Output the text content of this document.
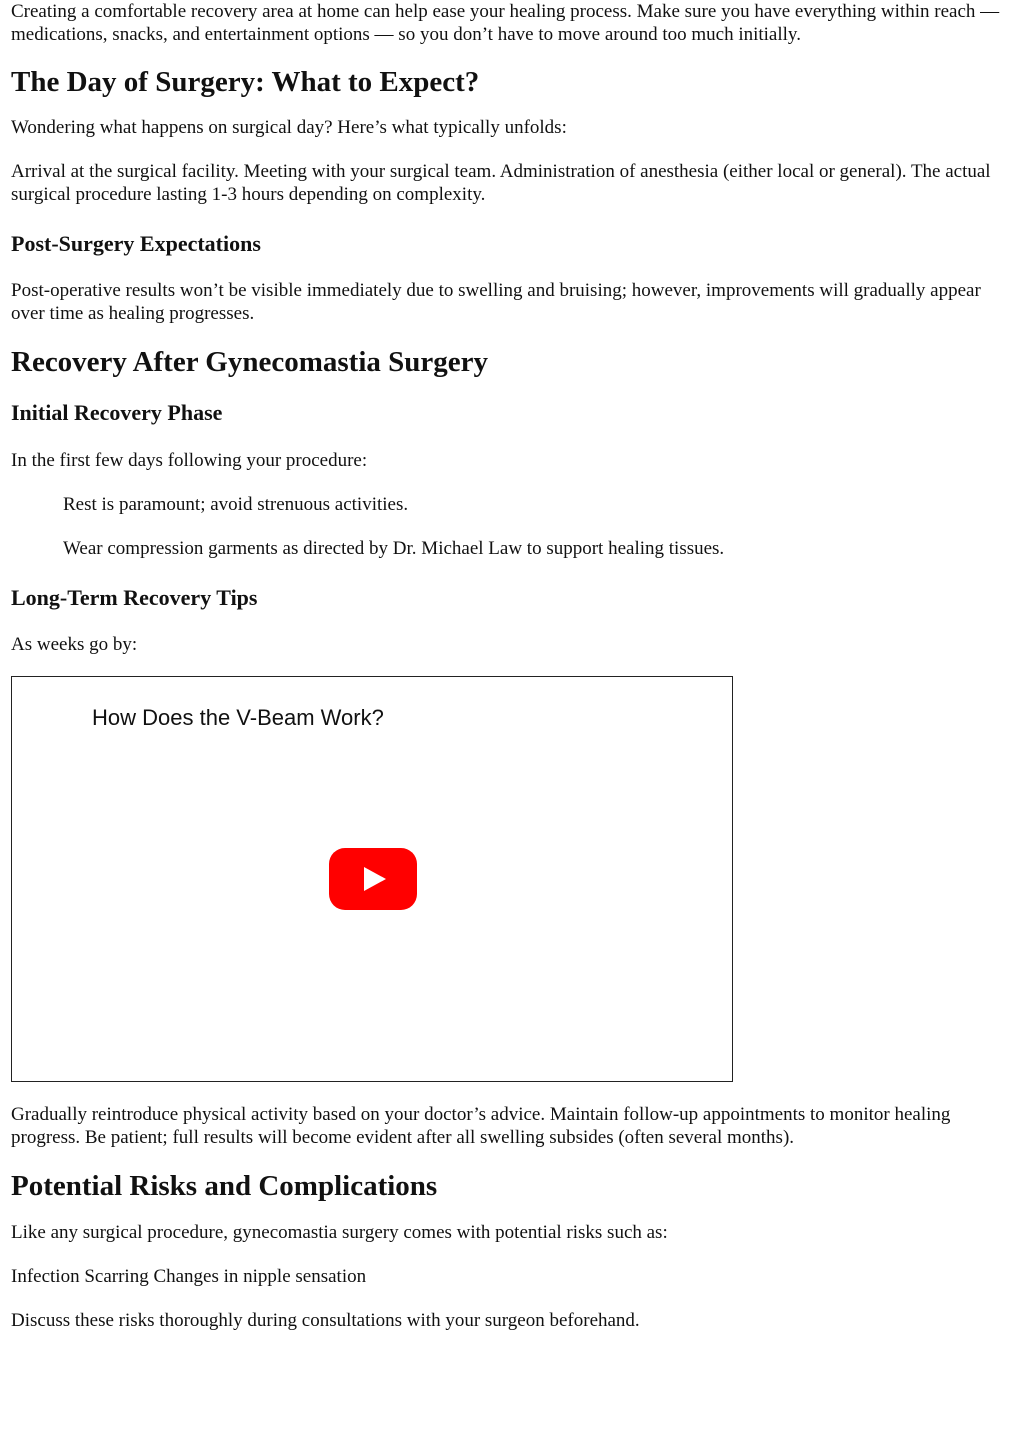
Creating a comfortable recovery area at home can help ease your healing process. Make sure you have everything within reach — medications, snacks, and entertainment options — so you don’t have to move around too much initially.

The Day of Surgery: What to Expect?

Wondering what happens on surgical day? Here’s what typically unfolds:

Arrival at the surgical facility. Meeting with your surgical team. Administration of anesthesia (either local or general). The actual surgical procedure lasting 1-3 hours depending on complexity.

Post-Surgery Expectations

Post-operative results won’t be visible immediately due to swelling and bruising; however, improvements will gradually appear over time as healing progresses.

Recovery After Gynecomastia Surgery
Initial Recovery Phase

In the first few days following your procedure:

Rest is paramount; avoid strenuous activities.

Wear compression garments as directed by Dr. Michael Law to support healing tissues.

Long-Term Recovery Tips

As weeks go by:

How Does the V-Beam Work?

Gradually reintroduce physical activity based on your doctor’s advice. Maintain follow-up appointments to monitor healing progress. Be patient; full results will become evident after all swelling subsides (often several months).

Potential Risks and Complications

Like any surgical procedure, gynecomastia surgery comes with potential risks such as:

Infection Scarring Changes in nipple sensation

Discuss these risks thoroughly during consultations with your surgeon beforehand.
